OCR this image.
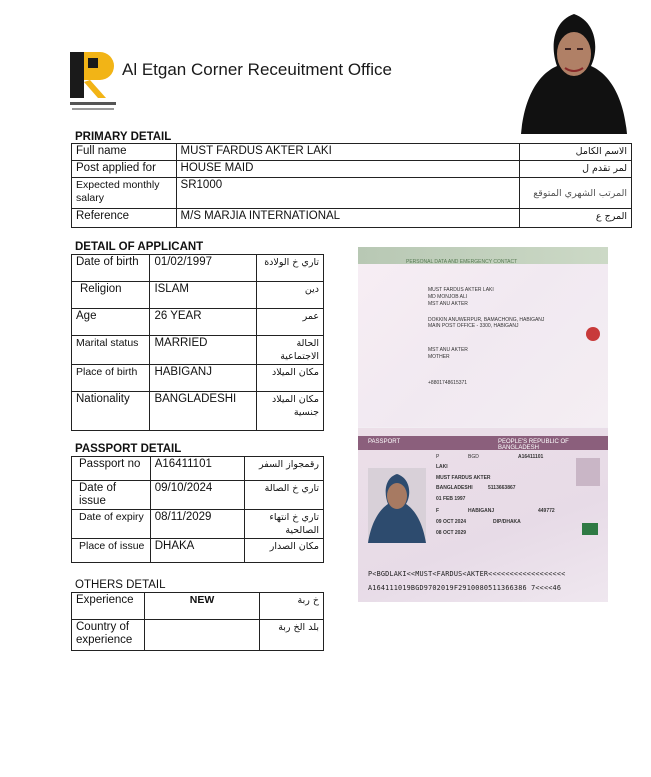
Al Etgan Corner Receuitment Office
PRIMARY DETAIL
Full name	MUST FARDUS AKTER LAKI	الاسم الكامل
Post applied for	HOUSE MAID	لمر تقدم ل
Expected monthly salary	SR1000	المرتب الشهري المتوقع
Reference	M/S MARJIA INTERNATIONAL	المرج ع
DETAIL OF APPLICANT
Date of birth	01/02/1997	تاري خ الولادة
Religion	ISLAM	دين
Age	26 YEAR	عمر
Marital status	MARRIED	الحالة الاجتماعية
Place of birth	HABIGANJ	مكان الميلاد
Nationality	BANGLADESHI	مكان الميلاد جنسية
PASSPORT DETAIL
Passport no	A16411101	رقمجواز السفر
Date of issue	09/10/2024	تاري خ الصالة
Date of expiry	08/11/2029	تاري خ انتهاء الصالحية
Place of issue	DHAKA	مكان الصدار
OTHERS DETAIL
Experience	NEW	خ ربة
Country of experience		بلد الخ ربة
PERSONAL DATA AND EMERGENCY CONTACT
MUST FARDUS AKTER LAKI
MD MONJOB ALI
MST ANU AKTER
DOKKIN ANUWERPUR, BAMACHONG, HABIGANJ MAIN POST OFFICE - 3300, HABIGANJ
MST ANU AKTER
MOTHER
+8801748615371
PASSPORT	PEOPLE'S REPUBLIC OF BANGLADESH
P	BGD	A16411101
LAKI
MUST FARDUS AKTER
BANGLADESHI	5113663867
01 FEB 1997
F	HABIGANJ	449772
09 OCT 2024	DIP/DHAKA
08 OCT 2029
P<BGDLAKI<<MUST<FARDUS<AKTER<<<<<<<<<<<<<<<<<<
A164111019BGD9702019F2910080511366386 7<<<<46
